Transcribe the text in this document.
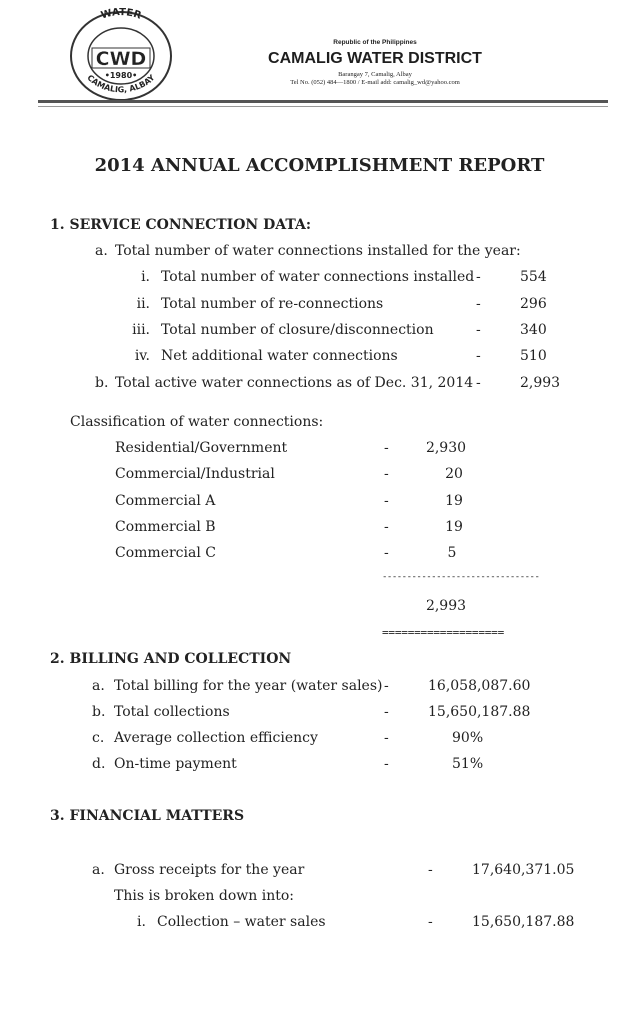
WATER
CAMALIG, ALBAY
CWD
•1980•
Republic of the Philippines
CAMALIG WATER DISTRICT
Barangay 7, Camalig, Albay
Tel No. (052) 484—1800 / E-mail add: camalig_wd@yahoo.com
2014 ANNUAL ACCOMPLISHMENT REPORT
1. SERVICE CONNECTION DATA:
a. Total number of water connections installed for the year:
i. Total number of water connections installed -	554
ii. Total number of re-connections	-	296
iii. Total number of closure/disconnection	-	340
iv. Net additional water connections	-	510
b. Total active water connections as of Dec. 31, 2014 -	2,993
Classification of water connections:
Residential/Government	-	2,930
Commercial/Industrial	-	20
Commercial A	-	19
Commercial B	-	19
Commercial C	-	5
--------------------------------
2,993
===================
2. BILLING AND COLLECTION
a. Total billing for the year (water sales) -	16,058,087.60
b. Total collections	-	15,650,187.88
c. Average collection efficiency	-	90%
d. On-time payment	-	51%
3. FINANCIAL MATTERS
a. Gross receipts for the year	-	17,640,371.05
This is broken down into:
i. Collection – water sales	-	15,650,187.88
